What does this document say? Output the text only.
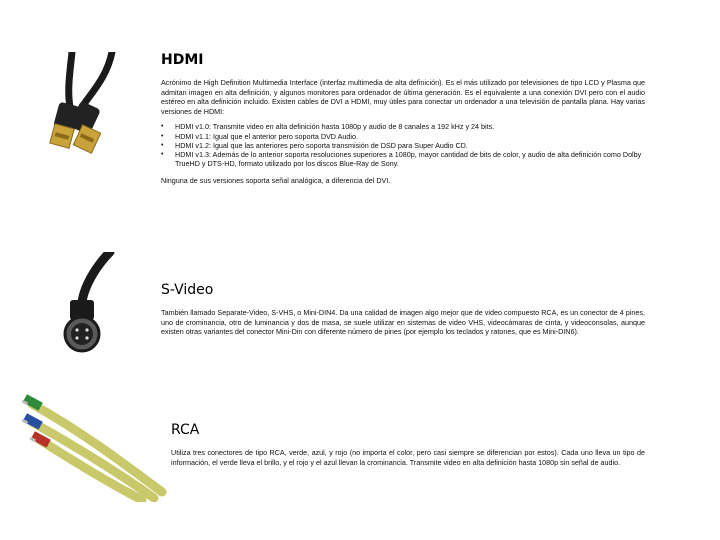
HDMI

Acrónimo de High Definition Multimedia Interface (interfaz multimedia de alta definición). Es el más utilizado por televisiones de tipo LCD y Plasma que admitan imagen en alta definición, y algunos monitores para ordenador de última generación. Es el equivalente a una conexión DVI pero con el audio estéreo en alta definición incluido. Existen cables de DVI a HDMI, muy útiles para conectar un ordenador a una televisión de pantalla plana. Hay varias versiones de HDMI:

• HDMI v1.0: Transmite video en alta definición hasta 1080p y audio de 8 canales a 192 kHz y 24 bits.
• HDMI v1.1: Igual que el anterior pero soporta DVD Audio.
• HDMI v1.2: Igual que las anteriores pero soporta transmisión de DSD para Super Audio CD.
• HDMI v1.3: Además de lo anterior soporta resoluciones superiores a 1080p, mayor cantidad de bits de color, y audio de alta definición como Dolby TrueHD y DTS-HD, formato utilizado por los discos Blue-Ray de Sony.

Ninguna de sus versiones soporta señal analógica, a diferencia del DVI.

S-Video

También llamado Separate-Video, S-VHS, o Mini-DIN4. Da una calidad de imagen algo mejor que de video compuesto RCA, es un conector de 4 pines, uno de crominancia, otro de luminancia y dos de masa, se suele utilizar en sistemas de video VHS, videocámaras de cinta, y videoconsolas, aunque existen otras variantes del conector Mini-Din con diferente número de pines (por ejemplo los teclados y ratones, que es Mini-DIN6).

RCA

Utiliza tres conectores de tipo RCA, verde, azul, y rojo (no importa el color, pero casi siempre se diferencian por estos). Cada uno lleva un tipo de información, el verde lleva el brillo, y el rojo y el azul llevan la crominancia. Transmite video en alta definición hasta 1080p sin señal de audio.
